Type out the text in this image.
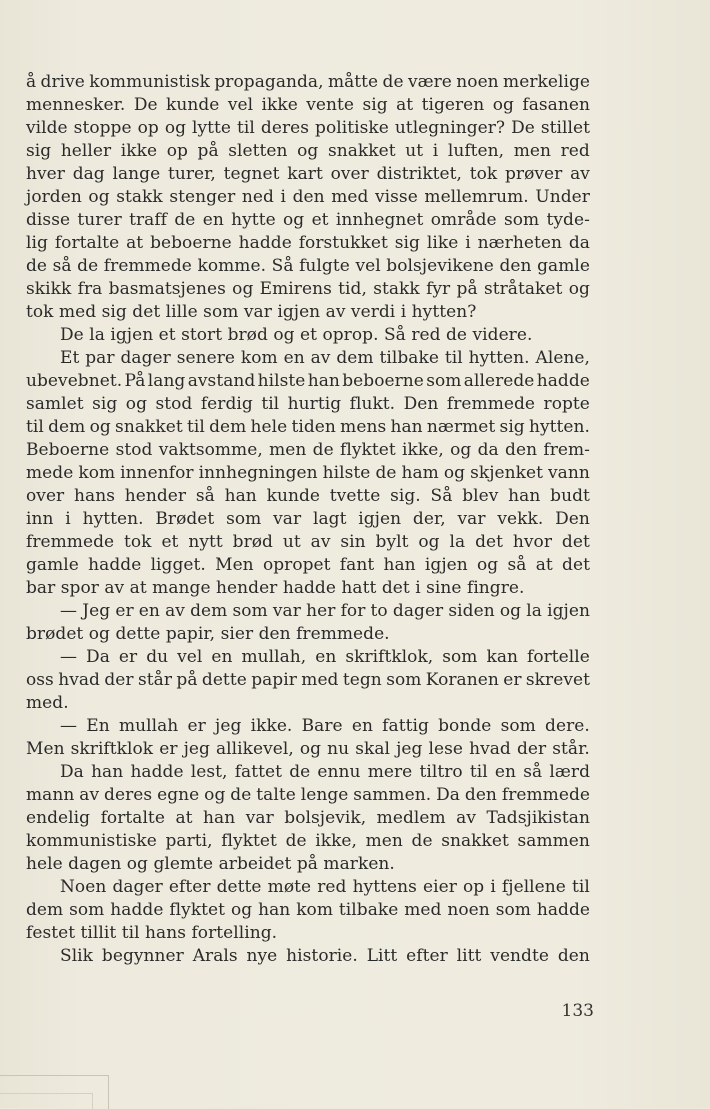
å drive kommunistisk propaganda, måtte de være noen merkelige
mennesker. De kunde vel ikke vente sig at tigeren og fasanen
vilde stoppe op og lytte til deres politiske utlegninger? De stillet
sig heller ikke op på sletten og snakket ut i luften, men red
hver dag lange turer, tegnet kart over distriktet, tok prøver av
jorden og stakk stenger ned i den med visse mellemrum. Under
disse turer traff de en hytte og et innhegnet område som tyde-
lig fortalte at beboerne hadde forstukket sig like i nærheten da
de så de fremmede komme. Så fulgte vel bolsjevikene den gamle
skikk fra basmatsjenes og Emirens tid, stakk fyr på stråtaket og
tok med sig det lille som var igjen av verdi i hytten?
De la igjen et stort brød og et oprop. Så red de videre.
Et par dager senere kom en av dem tilbake til hytten. Alene,
ubevebnet. På lang avstand hilste han beboerne som allerede hadde
samlet sig og stod ferdig til hurtig flukt. Den fremmede ropte
til dem og snakket til dem hele tiden mens han nærmet sig hytten.
Beboerne stod vaktsomme, men de flyktet ikke, og da den frem-
mede kom innenfor innhegningen hilste de ham og skjenket vann
over hans hender så han kunde tvette sig. Så blev han budt
inn i hytten. Brødet som var lagt igjen der, var vekk. Den
fremmede tok et nytt brød ut av sin bylt og la det hvor det
gamle hadde ligget. Men opropet fant han igjen og så at det
bar spor av at mange hender hadde hatt det i sine fingre.
— Jeg er en av dem som var her for to dager siden og la igjen
brødet og dette papir, sier den fremmede.
— Da er du vel en mullah, en skriftklok, som kan fortelle
oss hvad der står på dette papir med tegn som Koranen er skrevet
med.
— En mullah er jeg ikke. Bare en fattig bonde som dere.
Men skriftklok er jeg allikevel, og nu skal jeg lese hvad der står.
Da han hadde lest, fattet de ennu mere tiltro til en så lærd
mann av deres egne og de talte lenge sammen. Da den fremmede
endelig fortalte at han var bolsjevik, medlem av Tadsjikistan
kommunistiske parti, flyktet de ikke, men de snakket sammen
hele dagen og glemte arbeidet på marken.
Noen dager efter dette møte red hyttens eier op i fjellene til
dem som hadde flyktet og han kom tilbake med noen som hadde
festet tillit til hans fortelling.
Slik begynner Arals nye historie. Litt efter litt vendte den
133
